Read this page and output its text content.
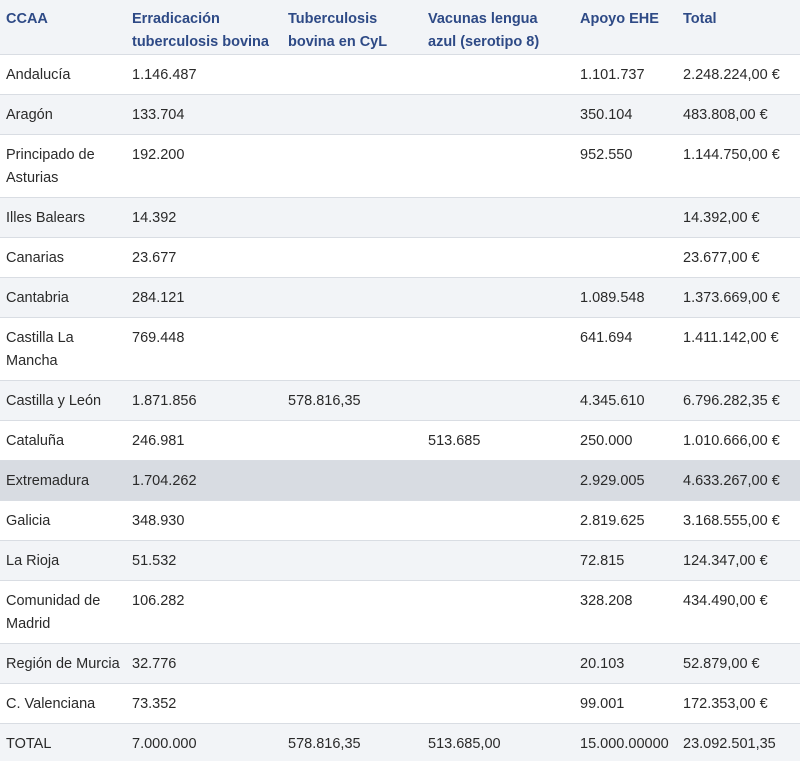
CCAA	Erradicación tuberculosis bovina	Tuberculosis bovina en CyL	Vacunas lengua azul (serotipo 8)	Apoyo EHE	Total
Andalucía	1.146.487			1.101.737	2.248.224,00 €
Aragón	133.704			350.104	483.808,00 €
Principado de Asturias	192.200			952.550	1.144.750,00 €
Illes Balears	14.392				14.392,00 €
Canarias	23.677				23.677,00 €
Cantabria	284.121			1.089.548	1.373.669,00 €
Castilla La Mancha	769.448			641.694	1.411.142,00 €
Castilla y León	1.871.856	578.816,35		4.345.610	6.796.282,35 €
Cataluña	246.981		513.685	250.000	1.010.666,00 €
Extremadura	1.704.262			2.929.005	4.633.267,00 €
Galicia	348.930			2.819.625	3.168.555,00 €
La Rioja	51.532			72.815	124.347,00 €
Comunidad de Madrid	106.282			328.208	434.490,00 €
Región de Murcia	32.776			20.103	52.879,00 €
C. Valenciana	73.352			99.001	172.353,00 €
TOTAL	7.000.000	578.816,35	513.685,00	15.000.00000	23.092.501,35
